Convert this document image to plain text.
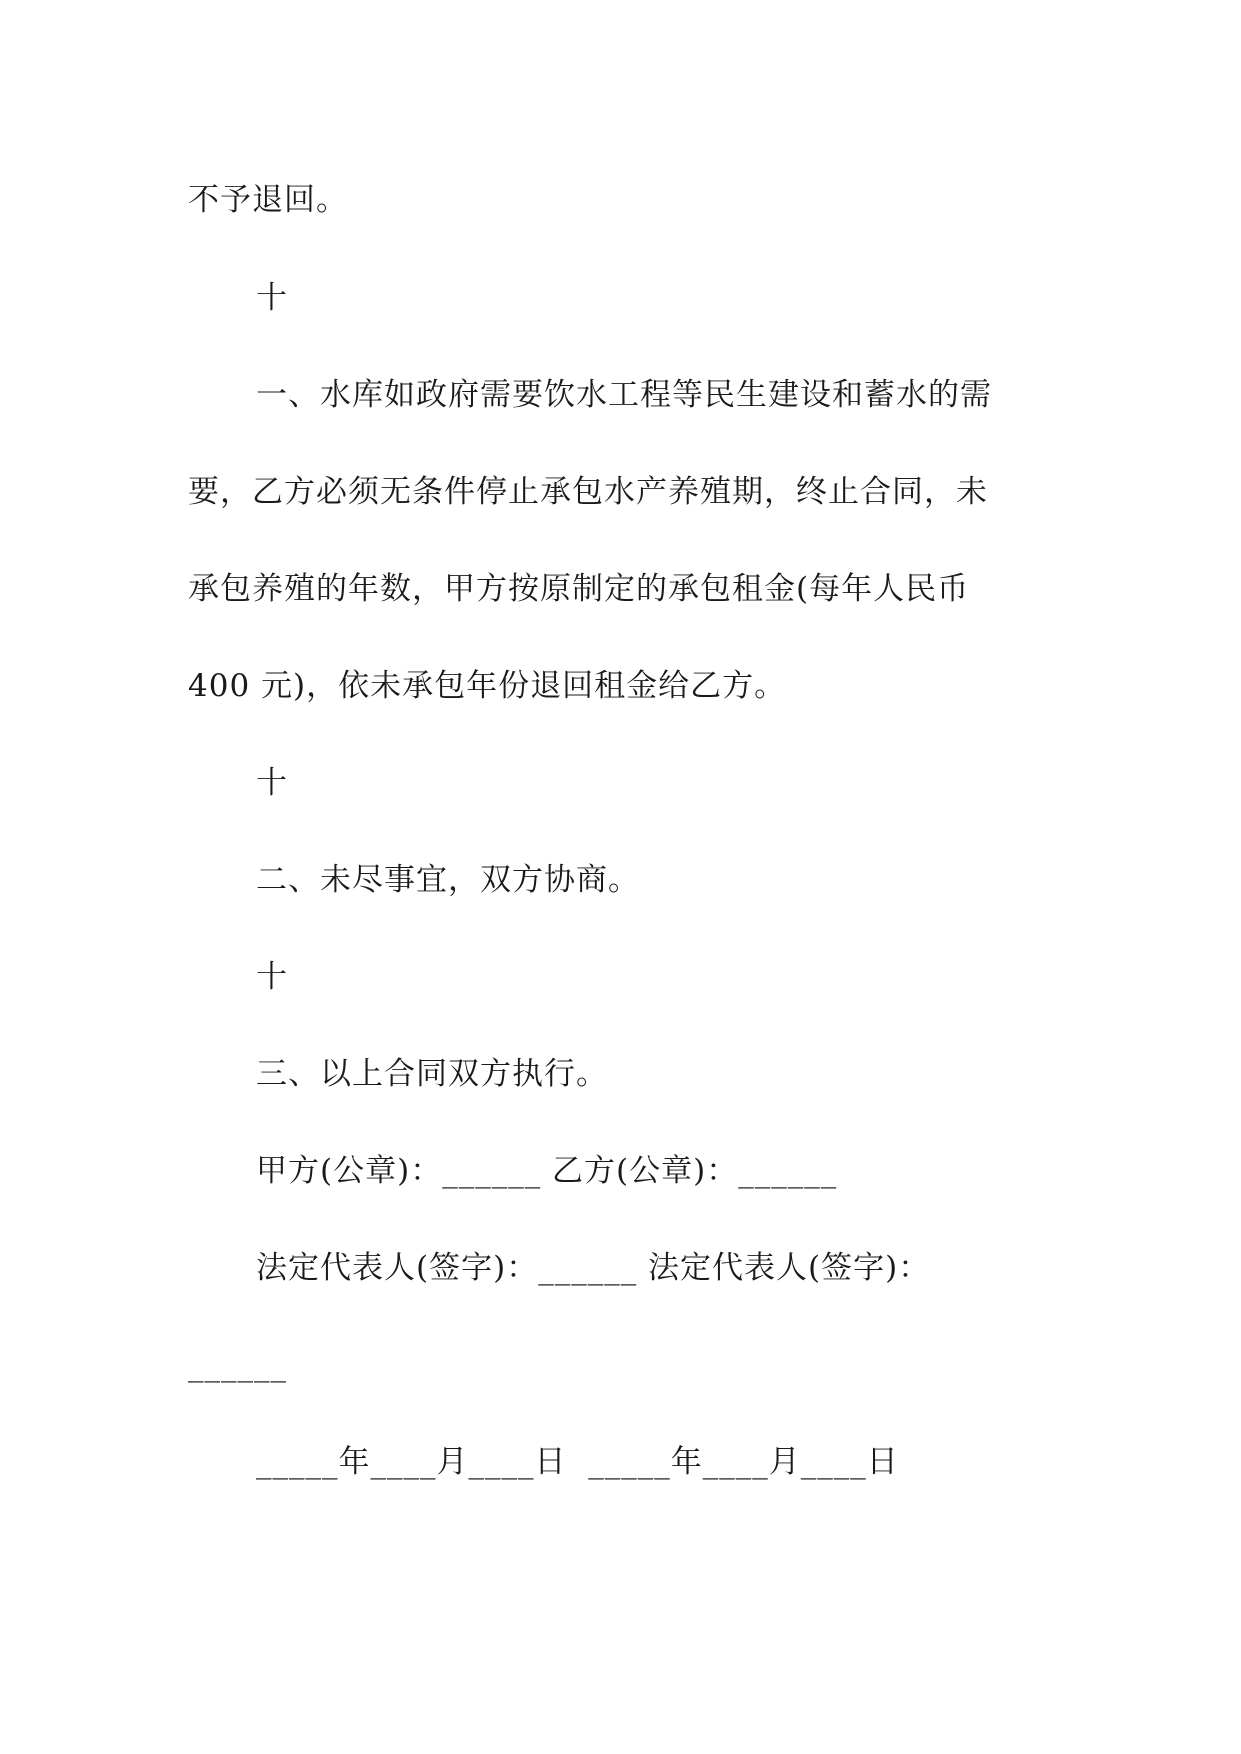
不予退回。
十
一、水库如政府需要饮水工程等民生建设和蓄水的需
要，乙方必须无条件停止承包水产养殖期，终止合同，未
承包养殖的年数，甲方按原制定的承包租金(每年人民币
400 元)，依未承包年份退回租金给乙方。
十
二、未尽事宜，双方协商。
十
三、以上合同双方执行。
甲方(公章)：______ 乙方(公章)：______
法定代表人(签字)：______ 法定代表人(签字)：
______
_____年____月____日  _____年____月____日
